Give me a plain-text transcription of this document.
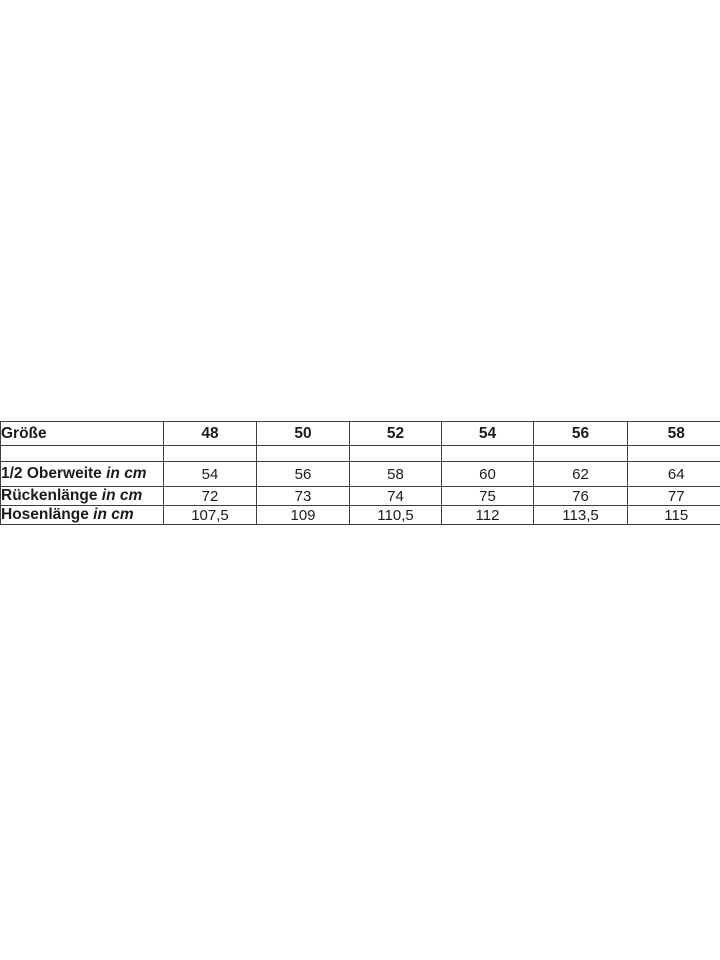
Größe	48	50	52	54	56	58

1/2 Oberweite in cm	54	56	58	60	62	64
Rückenlänge in cm	72	73	74	75	76	77
Hosenlänge in cm	107,5	109	110,5	112	113,5	115
